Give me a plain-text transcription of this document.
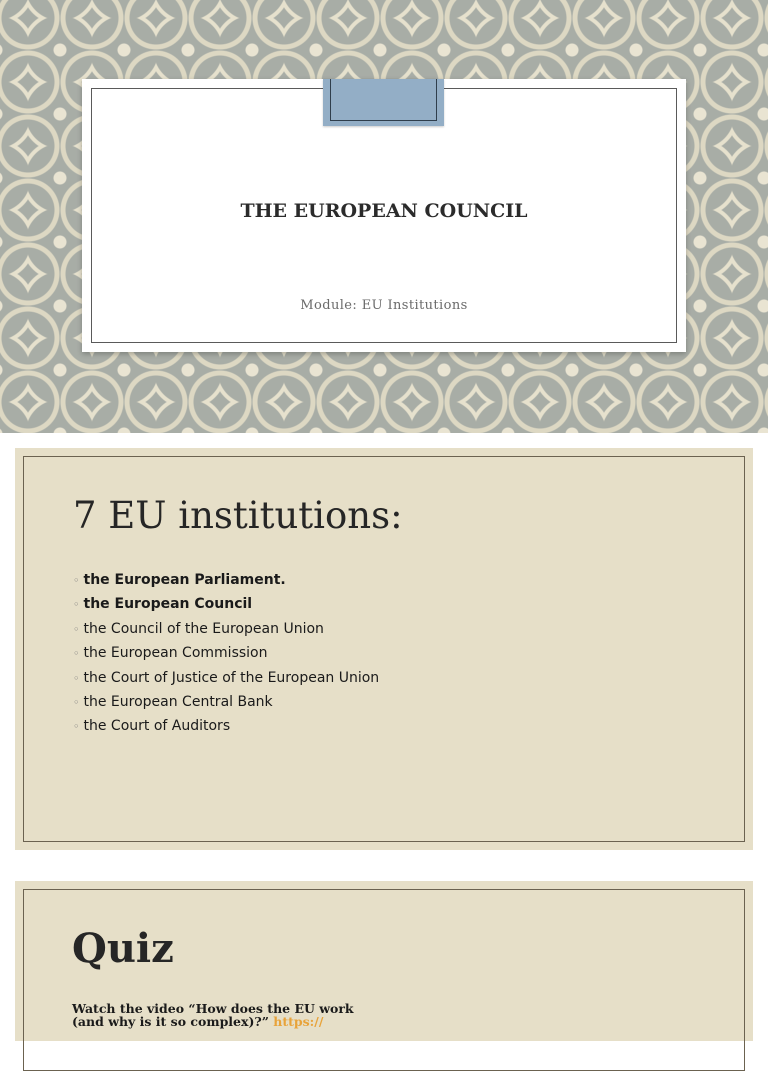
THE EUROPEAN COUNCIL
Module: EU Institutions
7 EU institutions:
◦ the European Parliament.
◦ the European Council
◦ the Council of the European Union
◦ the European Commission
◦ the Court of Justice of the European Union
◦ the European Central Bank
◦ the Court of Auditors
Quiz
Watch the video “How does the EU work (and why is it so complex)?” https://
